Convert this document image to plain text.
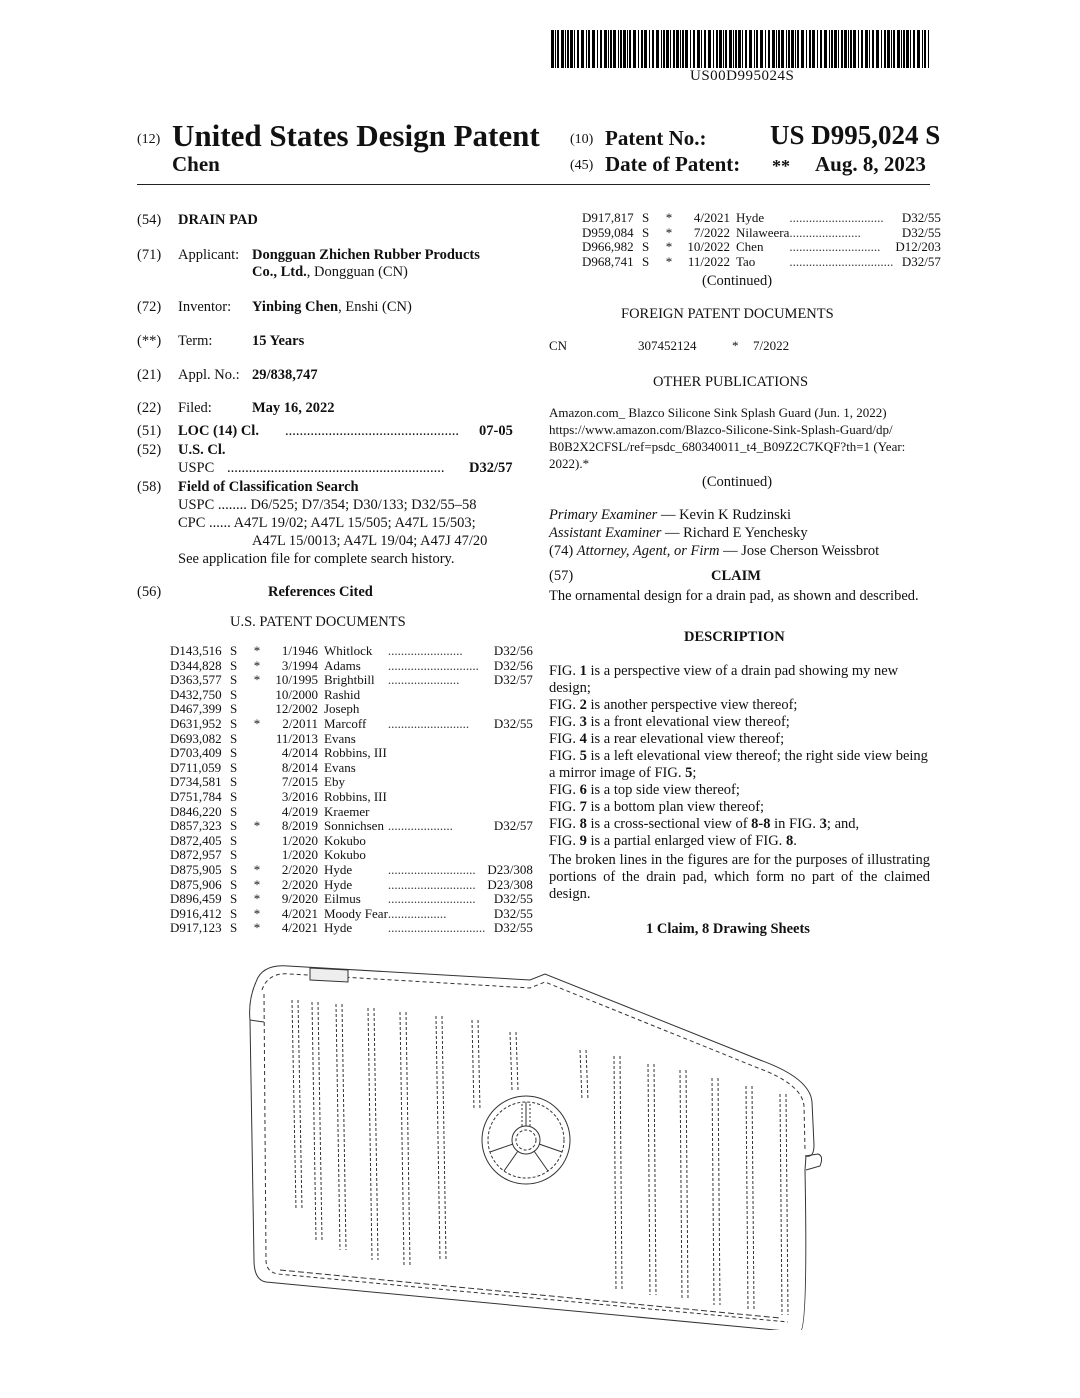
US00D995024S
(12) United States Design Patent
Chen
(10) Patent No.: US D995,024 S
(45) Date of Patent: ** Aug. 8, 2023
(54) DRAIN PAD
(71) Applicant: Dongguan Zhichen Rubber Products
Co., Ltd., Dongguan (CN)
(72) Inventor: Yinbing Chen, Enshi (CN)
(**) Term:	15 Years
(21) Appl. No.: 29/838,747
(22) Filed:	May 16, 2022
(51) LOC (14) Cl. ................................................	07-05
(52) U.S. Cl.
USPC ............................................................	D32/57
(58) Field of Classification Search
USPC ........ D6/525; D7/354; D30/133; D32/55–58
CPC ...... A47L 19/02; A47L 15/505; A47L 15/503;
A47L 15/0013; A47L 19/04; A47J 47/20
See application file for complete search history.
(56)	References Cited
U.S. PATENT DOCUMENTS
D143,516	S	*	1/1946	Whitlock	.......................	D32/56
D344,828	S	*	3/1994	Adams	............................	D32/56
D363,577	S	*	10/1995	Brightbill	......................	D32/57
D432,750	S		10/2000	Rashid		
D467,399	S		12/2002	Joseph		
D631,952	S	*	2/2011	Marcoff	.........................	D32/55
D693,082	S		11/2013	Evans		
D703,409	S		4/2014	Robbins, III		
D711,059	S		8/2014	Evans		
D734,581	S		7/2015	Eby		
D751,784	S		3/2016	Robbins, III		
D846,220	S		4/2019	Kraemer		
D857,323	S	*	8/2019	Sonnichsen	....................	D32/57
D872,405	S		1/2020	Kokubo		
D872,957	S		1/2020	Kokubo		
D875,905	S	*	2/2020	Hyde	...........................	D23/308
D875,906	S	*	2/2020	Hyde	...........................	D23/308
D896,459	S	*	9/2020	Eilmus	...........................	D32/55
D916,412	S	*	4/2021	Moody Fear	..................	D32/55
D917,123	S	*	4/2021	Hyde	..............................	D32/55
D917,817	S	*	4/2021	Hyde	.............................	D32/55
D959,084	S	*	7/2022	Nilaweera	......................	D32/55
D966,982	S	*	10/2022	Chen	............................	D12/203
D968,741	S	*	11/2022	Tao	................................	D32/57
(Continued)
FOREIGN PATENT DOCUMENTS
CN	307452124	* 7/2022
OTHER PUBLICATIONS
Amazon.com_ Blazco Silicone Sink Splash Guard (Jun. 1, 2022)
https://www.amazon.com/Blazco-Silicone-Sink-Splash-Guard/dp/
B0B2X2CFSL/ref=psdc_680340011_t4_B09Z2C7KQF?th=1 (Year:
2022).*
(Continued)
Primary Examiner — Kevin K Rudzinski
Assistant Examiner — Richard E Yenchesky
(74) Attorney, Agent, or Firm — Jose Cherson Weissbrot
(57)	CLAIM
The ornamental design for a drain pad, as shown and described.
DESCRIPTION
FIG. 1 is a perspective view of a drain pad showing my new design;
FIG. 2 is another perspective view thereof;
FIG. 3 is a front elevational view thereof;
FIG. 4 is a rear elevational view thereof;
FIG. 5 is a left elevational view thereof; the right side view being a mirror image of FIG. 5;
FIG. 6 is a top side view thereof;
FIG. 7 is a bottom plan view thereof;
FIG. 8 is a cross-sectional view of 8-8 in FIG. 3; and,
FIG. 9 is a partial enlarged view of FIG. 8.
The broken lines in the figures are for the purposes of illustrating portions of the drain pad, which form no part of the claimed design.
1 Claim, 8 Drawing Sheets
